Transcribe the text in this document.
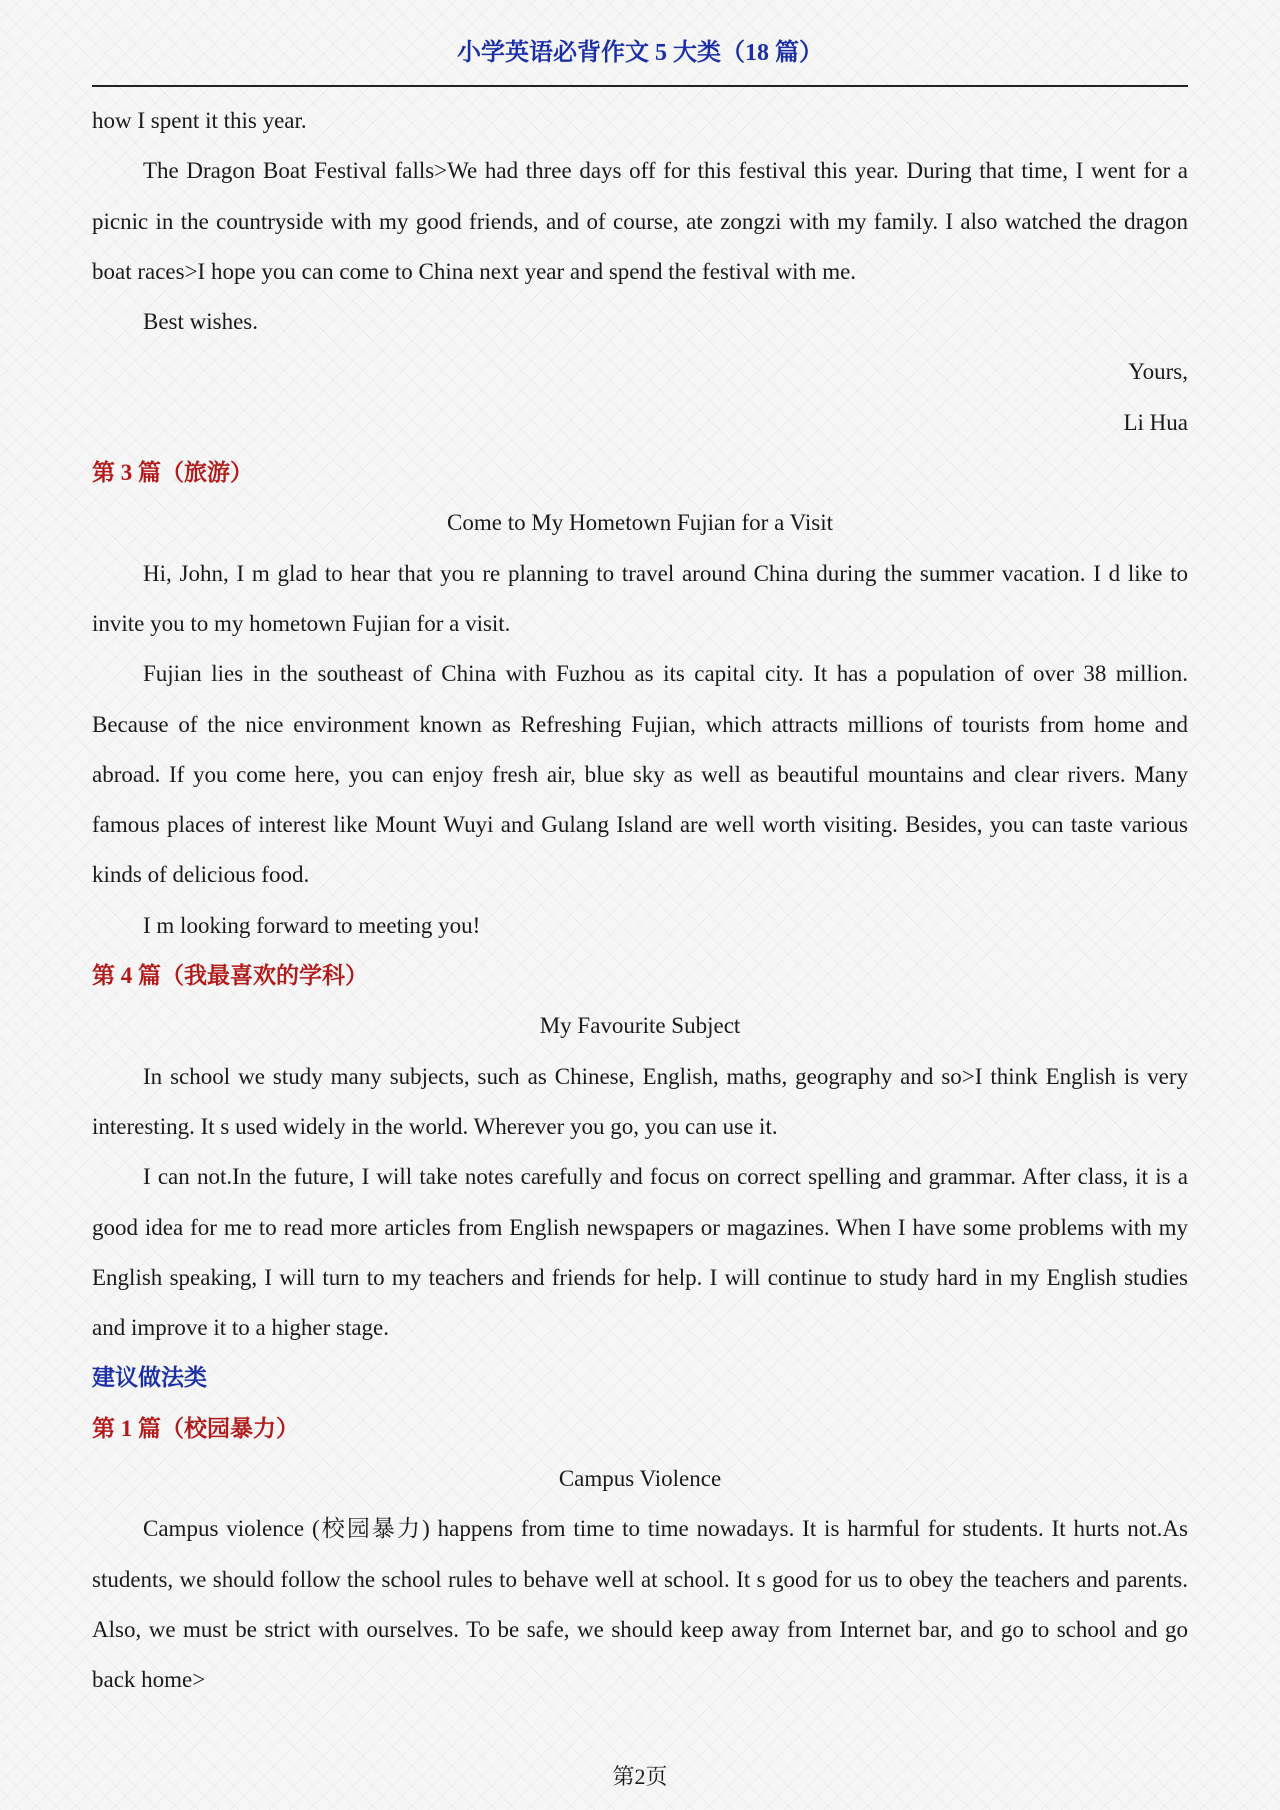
小学英语必背作文 5 大类（18 篇）

how I spent it this year.

The Dragon Boat Festival falls>We had three days off for this festival this year. During that time, I went for a picnic in the countryside with my good friends, and of course, ate zongzi with my family. I also watched the dragon boat races>I hope you can come to China next year and spend the festival with me.

Best wishes.

Yours,

Li Hua

第 3 篇（旅游）

Come to My Hometown Fujian for a Visit

Hi, John, I m glad to hear that you re planning to travel around China during the summer vacation. I d like to invite you to my hometown Fujian for a visit.

Fujian lies in the southeast of China with Fuzhou as its capital city. It has a population of over 38 million. Because of the nice environment known as Refreshing Fujian, which attracts millions of tourists from home and abroad. If you come here, you can enjoy fresh air, blue sky as well as beautiful mountains and clear rivers. Many famous places of interest like Mount Wuyi and Gulang Island are well worth visiting. Besides, you can taste various kinds of delicious food.

I m looking forward to meeting you!

第 4 篇（我最喜欢的学科）

My Favourite Subject

In school we study many subjects, such as Chinese, English, maths, geography and so>I think English is very interesting. It s used widely in the world. Wherever you go, you can use it.

I can not.In the future, I will take notes carefully and focus on correct spelling and grammar. After class, it is a good idea for me to read more articles from English newspapers or magazines. When I have some problems with my English speaking, I will turn to my teachers and friends for help. I will continue to study hard in my English studies and improve it to a higher stage.

建议做法类

第 1 篇（校园暴力）

Campus Violence

Campus violence (校园暴力) happens from time to time nowadays. It is harmful for students. It hurts not.As students, we should follow the school rules to behave well at school. It s good for us to obey the teachers and parents. Also, we must be strict with ourselves. To be safe, we should keep away from Internet bar, and go to school and go back home>

第2页
